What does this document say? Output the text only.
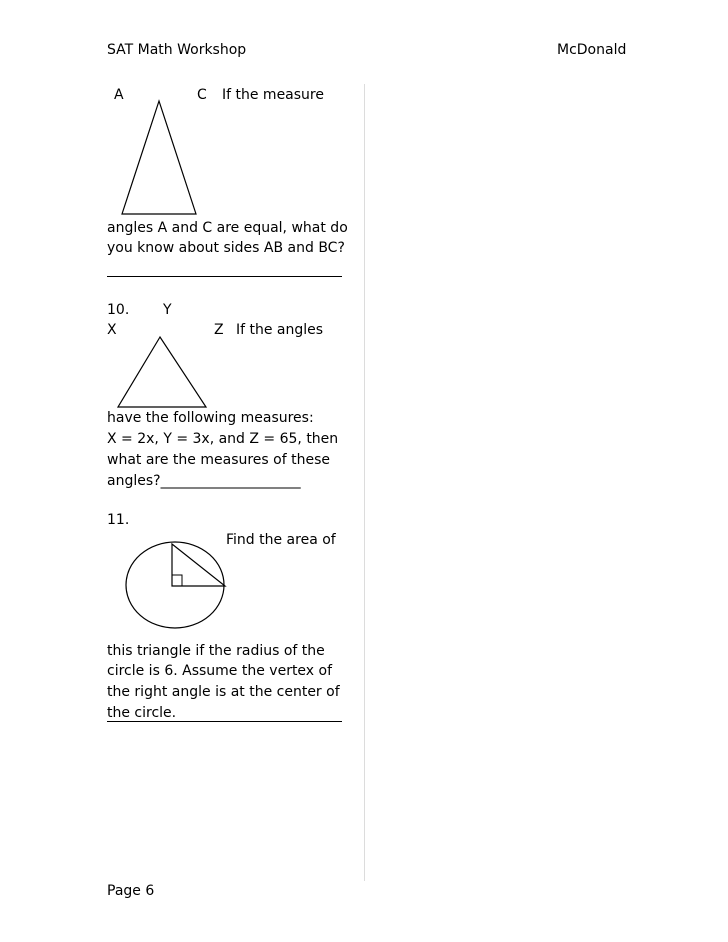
SAT Math Workshop	McDonald
A	C If the measure
angles A and C are equal, what do
you know about sides AB and BC?
10. Y
X	Z If the angles
have the following measures:
X = 2x, Y = 3x, and Z = 65, then
what are the measures of these
angles?____________________
11.
Find the area of
this triangle if the radius of the
circle is 6. Assume the vertex of
the right angle is at the center of
the circle.
Page 6
